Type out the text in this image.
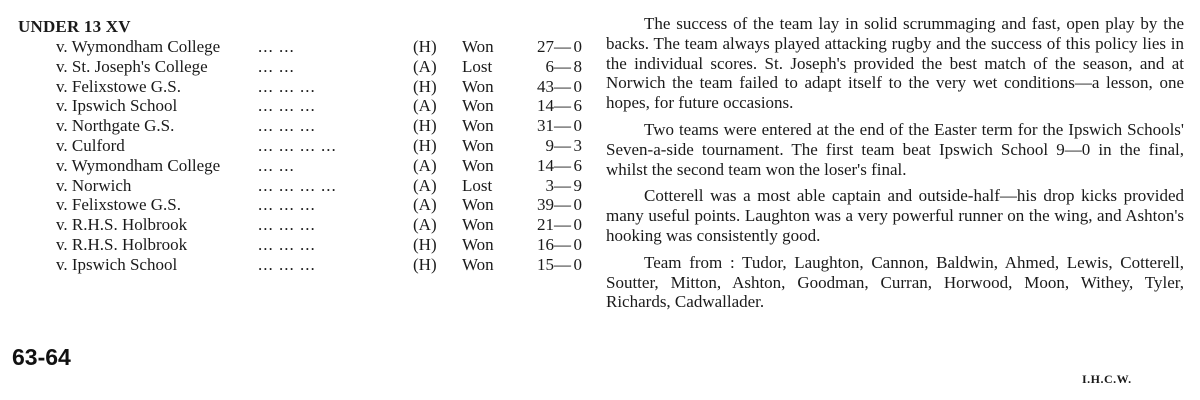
UNDER 13 XV
v. Wymondham College ... ...	(H)	Won	27 — 0
v. St. Joseph's College	... ...	(A)	Lost	6 — 8
v. Felixstowe G.S.	... ... ...	(H)	Won	43 — 0
v. Ipswich School	... ... ...	(A)	Won	14 — 6
v. Northgate G.S.	... ... ...	(H)	Won	31 — 0
v. Culford	... ... ... ...	(H)	Won	9 — 3
v. Wymondham College ... ...	(A)	Won	14 — 6
v. Norwich	... ... ... ...	(A)	Lost	3 — 9
v. Felixstowe G.S.	... ... ...	(A)	Won	39 — 0
v. R.H.S. Holbrook	... ... ...	(A)	Won	21 — 0
v. R.H.S. Holbrook	... ... ...	(H)	Won	16 — 0
v. Ipswich School	... ... ...	(H)	Won	15 — 0
63-64

The success of the team lay in solid scrummaging and fast, open play by the backs. The team always played attacking rugby and the success of this policy lies in the individual scores. St. Joseph's provided the best match of the season, and at Norwich the team failed to adapt itself to the very wet conditions—a lesson, one hopes, for future occasions.

Two teams were entered at the end of the Easter term for the Ipswich Schools' Seven-a-side tournament. The first team beat Ipswich School 9—0 in the final, whilst the second team won the loser's final.

Cotterell was a most able captain and outside-half—his drop kicks provided many useful points. Laughton was a very powerful runner on the wing, and Ashton's hooking was consistently good.

Team from : Tudor, Laughton, Cannon, Baldwin, Ahmed, Lewis, Cotterell, Soutter, Mitton, Ashton, Goodman, Curran, Horwood, Moon, Withey, Tyler, Richards, Cadwallader.

I.H.C.W.
